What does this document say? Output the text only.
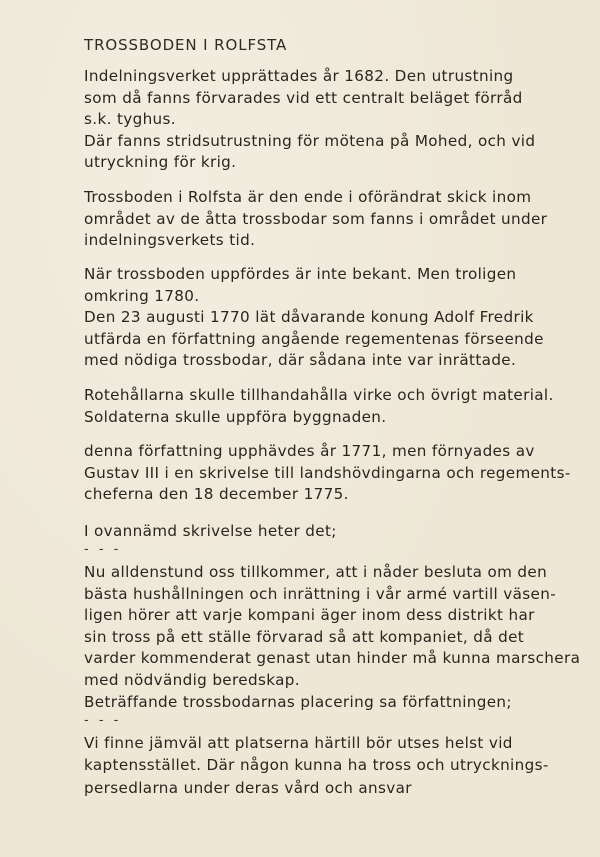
TROSSBODEN I ROLFSTA

Indelningsverket upprättades år 1682. Den utrustning
som då fanns förvarades vid ett centralt beläget förråd
s.k. tyghus.
Där fanns stridsutrustning för mötena på Mohed, och vid
utryckning för krig.

Trossboden i Rolfsta är den ende i oförändrat skick inom
området av de åtta trossbodar som fanns i området under
indelningsverkets tid.

När trossboden uppfördes är inte bekant. Men troligen
omkring 1780.
Den 23 augusti 1770 lät dåvarande konung Adolf Fredrik
utfärda en författning angående regementenas förseende
med nödiga trossbodar, där sådana inte var inrättade.

Rotehållarna skulle tillhandahålla virke och övrigt material.
Soldaterna skulle uppföra byggnaden.

denna författning upphävdes år 1771, men förnyades av
Gustav III i en skrivelse till landshövdingarna och regements-
cheferna den 18 december 1775.

I ovannämd skrivelse heter det;

- - -

Nu alldenstund oss tillkommer, att i nåder besluta om den
bästa hushållningen och inrättning i vår armé vartill väsen-
ligen hörer att varje kompani äger inom dess distrikt har
sin tross på ett ställe förvarad så att kompaniet, då det
varder kommenderat genast utan hinder må kunna marschera
med nödvändig beredskap.

Beträffande trossbodarnas placering sa författningen;

- - -

Vi finne jämväl att platserna härtill bör utses helst vid
kaptensstället. Där någon kunna ha tross och utrycknings-

persedlarna under deras vård och ansvar
